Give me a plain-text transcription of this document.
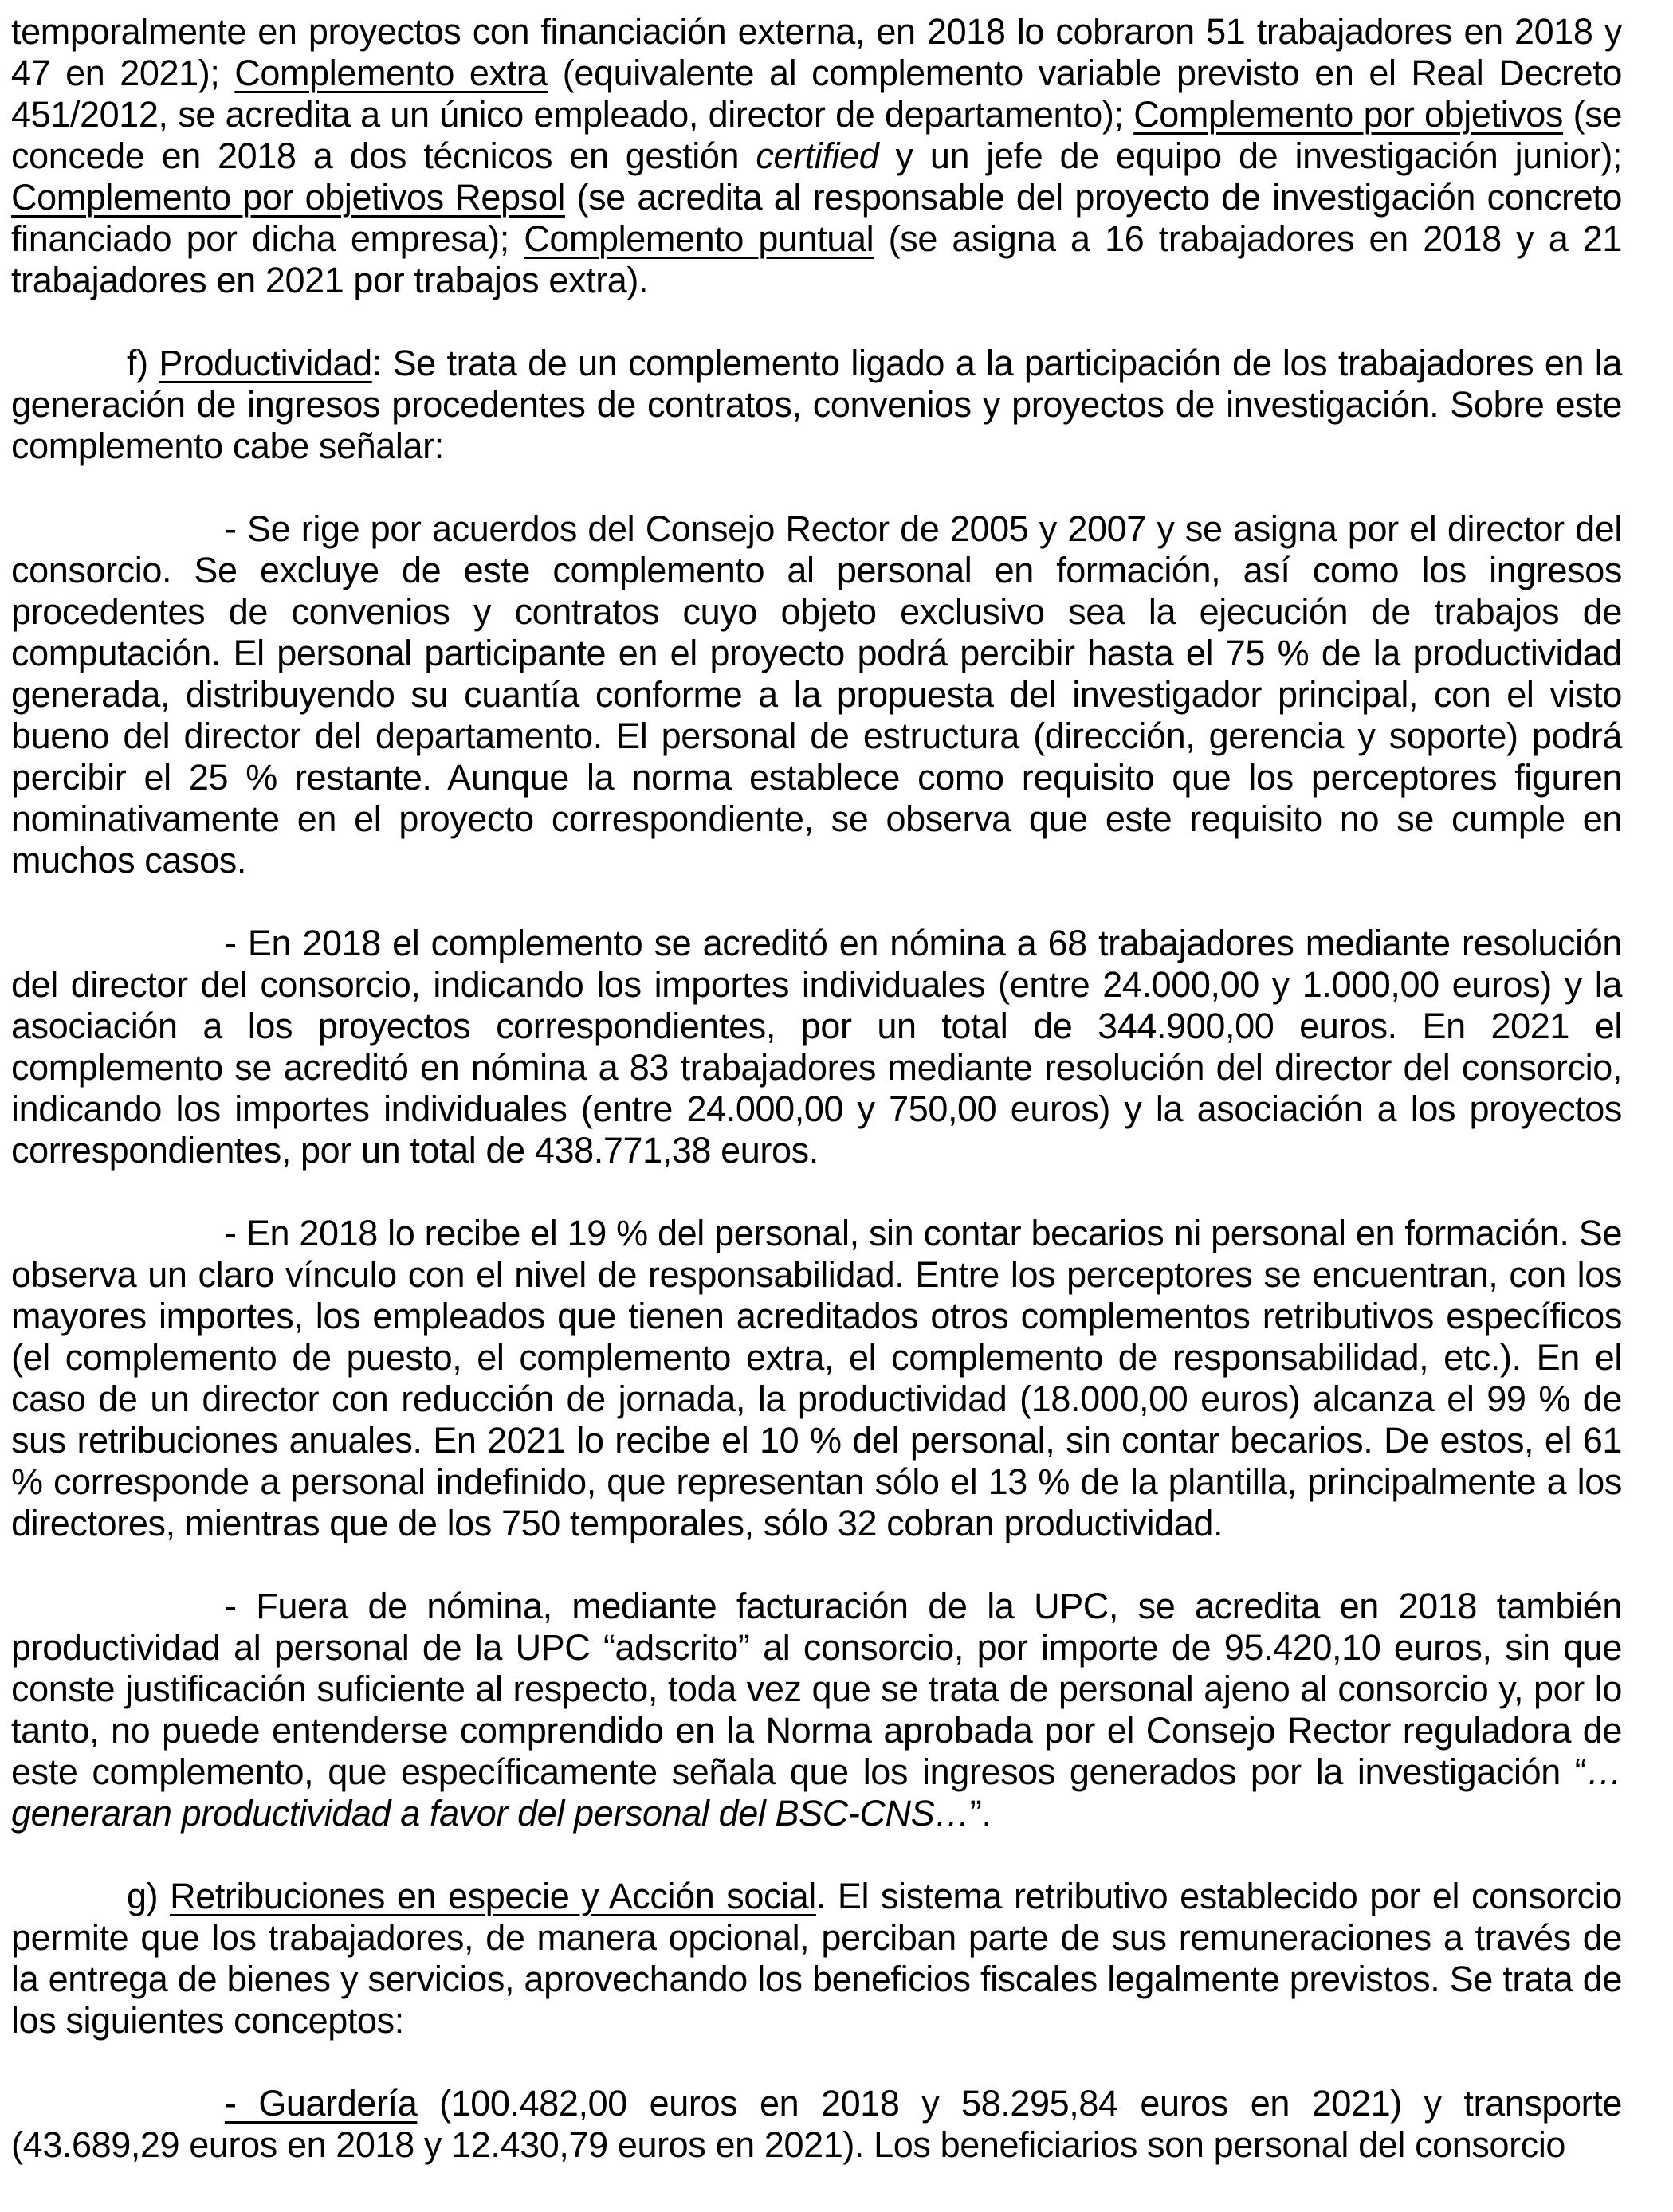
temporalmente en proyectos con financiación externa, en 2018 lo cobraron 51 trabajadores en 2018 y 47 en 2021); Complemento extra (equivalente al complemento variable previsto en el Real Decreto 451/2012, se acredita a un único empleado, director de departamento); Complemento por objetivos (se concede en 2018 a dos técnicos en gestión certified y un jefe de equipo de investigación junior); Complemento por objetivos Repsol (se acredita al responsable del proyecto de investigación concreto financiado por dicha empresa); Complemento puntual (se asigna a 16 trabajadores en 2018 y a 21 trabajadores en 2021 por trabajos extra).

f) Productividad: Se trata de un complemento ligado a la participación de los trabajadores en la generación de ingresos procedentes de contratos, convenios y proyectos de investigación. Sobre este complemento cabe señalar:

- Se rige por acuerdos del Consejo Rector de 2005 y 2007 y se asigna por el director del consorcio. Se excluye de este complemento al personal en formación, así como los ingresos procedentes de convenios y contratos cuyo objeto exclusivo sea la ejecución de trabajos de computación. El personal participante en el proyecto podrá percibir hasta el 75 % de la productividad generada, distribuyendo su cuantía conforme a la propuesta del investigador principal, con el visto bueno del director del departamento. El personal de estructura (dirección, gerencia y soporte) podrá percibir el 25 % restante. Aunque la norma establece como requisito que los perceptores figuren nominativamente en el proyecto correspondiente, se observa que este requisito no se cumple en muchos casos.

- En 2018 el complemento se acreditó en nómina a 68 trabajadores mediante resolución del director del consorcio, indicando los importes individuales (entre 24.000,00 y 1.000,00 euros) y la asociación a los proyectos correspondientes, por un total de 344.900,00 euros. En 2021 el complemento se acreditó en nómina a 83 trabajadores mediante resolución del director del consorcio, indicando los importes individuales (entre 24.000,00 y 750,00 euros) y la asociación a los proyectos correspondientes, por un total de 438.771,38 euros.

- En 2018 lo recibe el 19 % del personal, sin contar becarios ni personal en formación. Se observa un claro vínculo con el nivel de responsabilidad. Entre los perceptores se encuentran, con los mayores importes, los empleados que tienen acreditados otros complementos retributivos específicos (el complemento de puesto, el complemento extra, el complemento de responsabilidad, etc.). En el caso de un director con reducción de jornada, la productividad (18.000,00 euros) alcanza el 99 % de sus retribuciones anuales. En 2021 lo recibe el 10 % del personal, sin contar becarios. De estos, el 61 % corresponde a personal indefinido, que representan sólo el 13 % de la plantilla, principalmente a los directores, mientras que de los 750 temporales, sólo 32 cobran productividad.

- Fuera de nómina, mediante facturación de la UPC, se acredita en 2018 también productividad al personal de la UPC “adscrito” al consorcio, por importe de 95.420,10 euros, sin que conste justificación suficiente al respecto, toda vez que se trata de personal ajeno al consorcio y, por lo tanto, no puede entenderse comprendido en la Norma aprobada por el Consejo Rector reguladora de este complemento, que específicamente señala que los ingresos generados por la investigación “…generaran productividad a favor del personal del BSC-CNS…”.

g) Retribuciones en especie y Acción social. El sistema retributivo establecido por el consorcio permite que los trabajadores, de manera opcional, perciban parte de sus remuneraciones a través de la entrega de bienes y servicios, aprovechando los beneficios fiscales legalmente previstos. Se trata de los siguientes conceptos:

- Guardería (100.482,00 euros en 2018 y 58.295,84 euros en 2021) y transporte (43.689,29 euros en 2018 y 12.430,79 euros en 2021). Los beneficiarios son personal del consorcio
